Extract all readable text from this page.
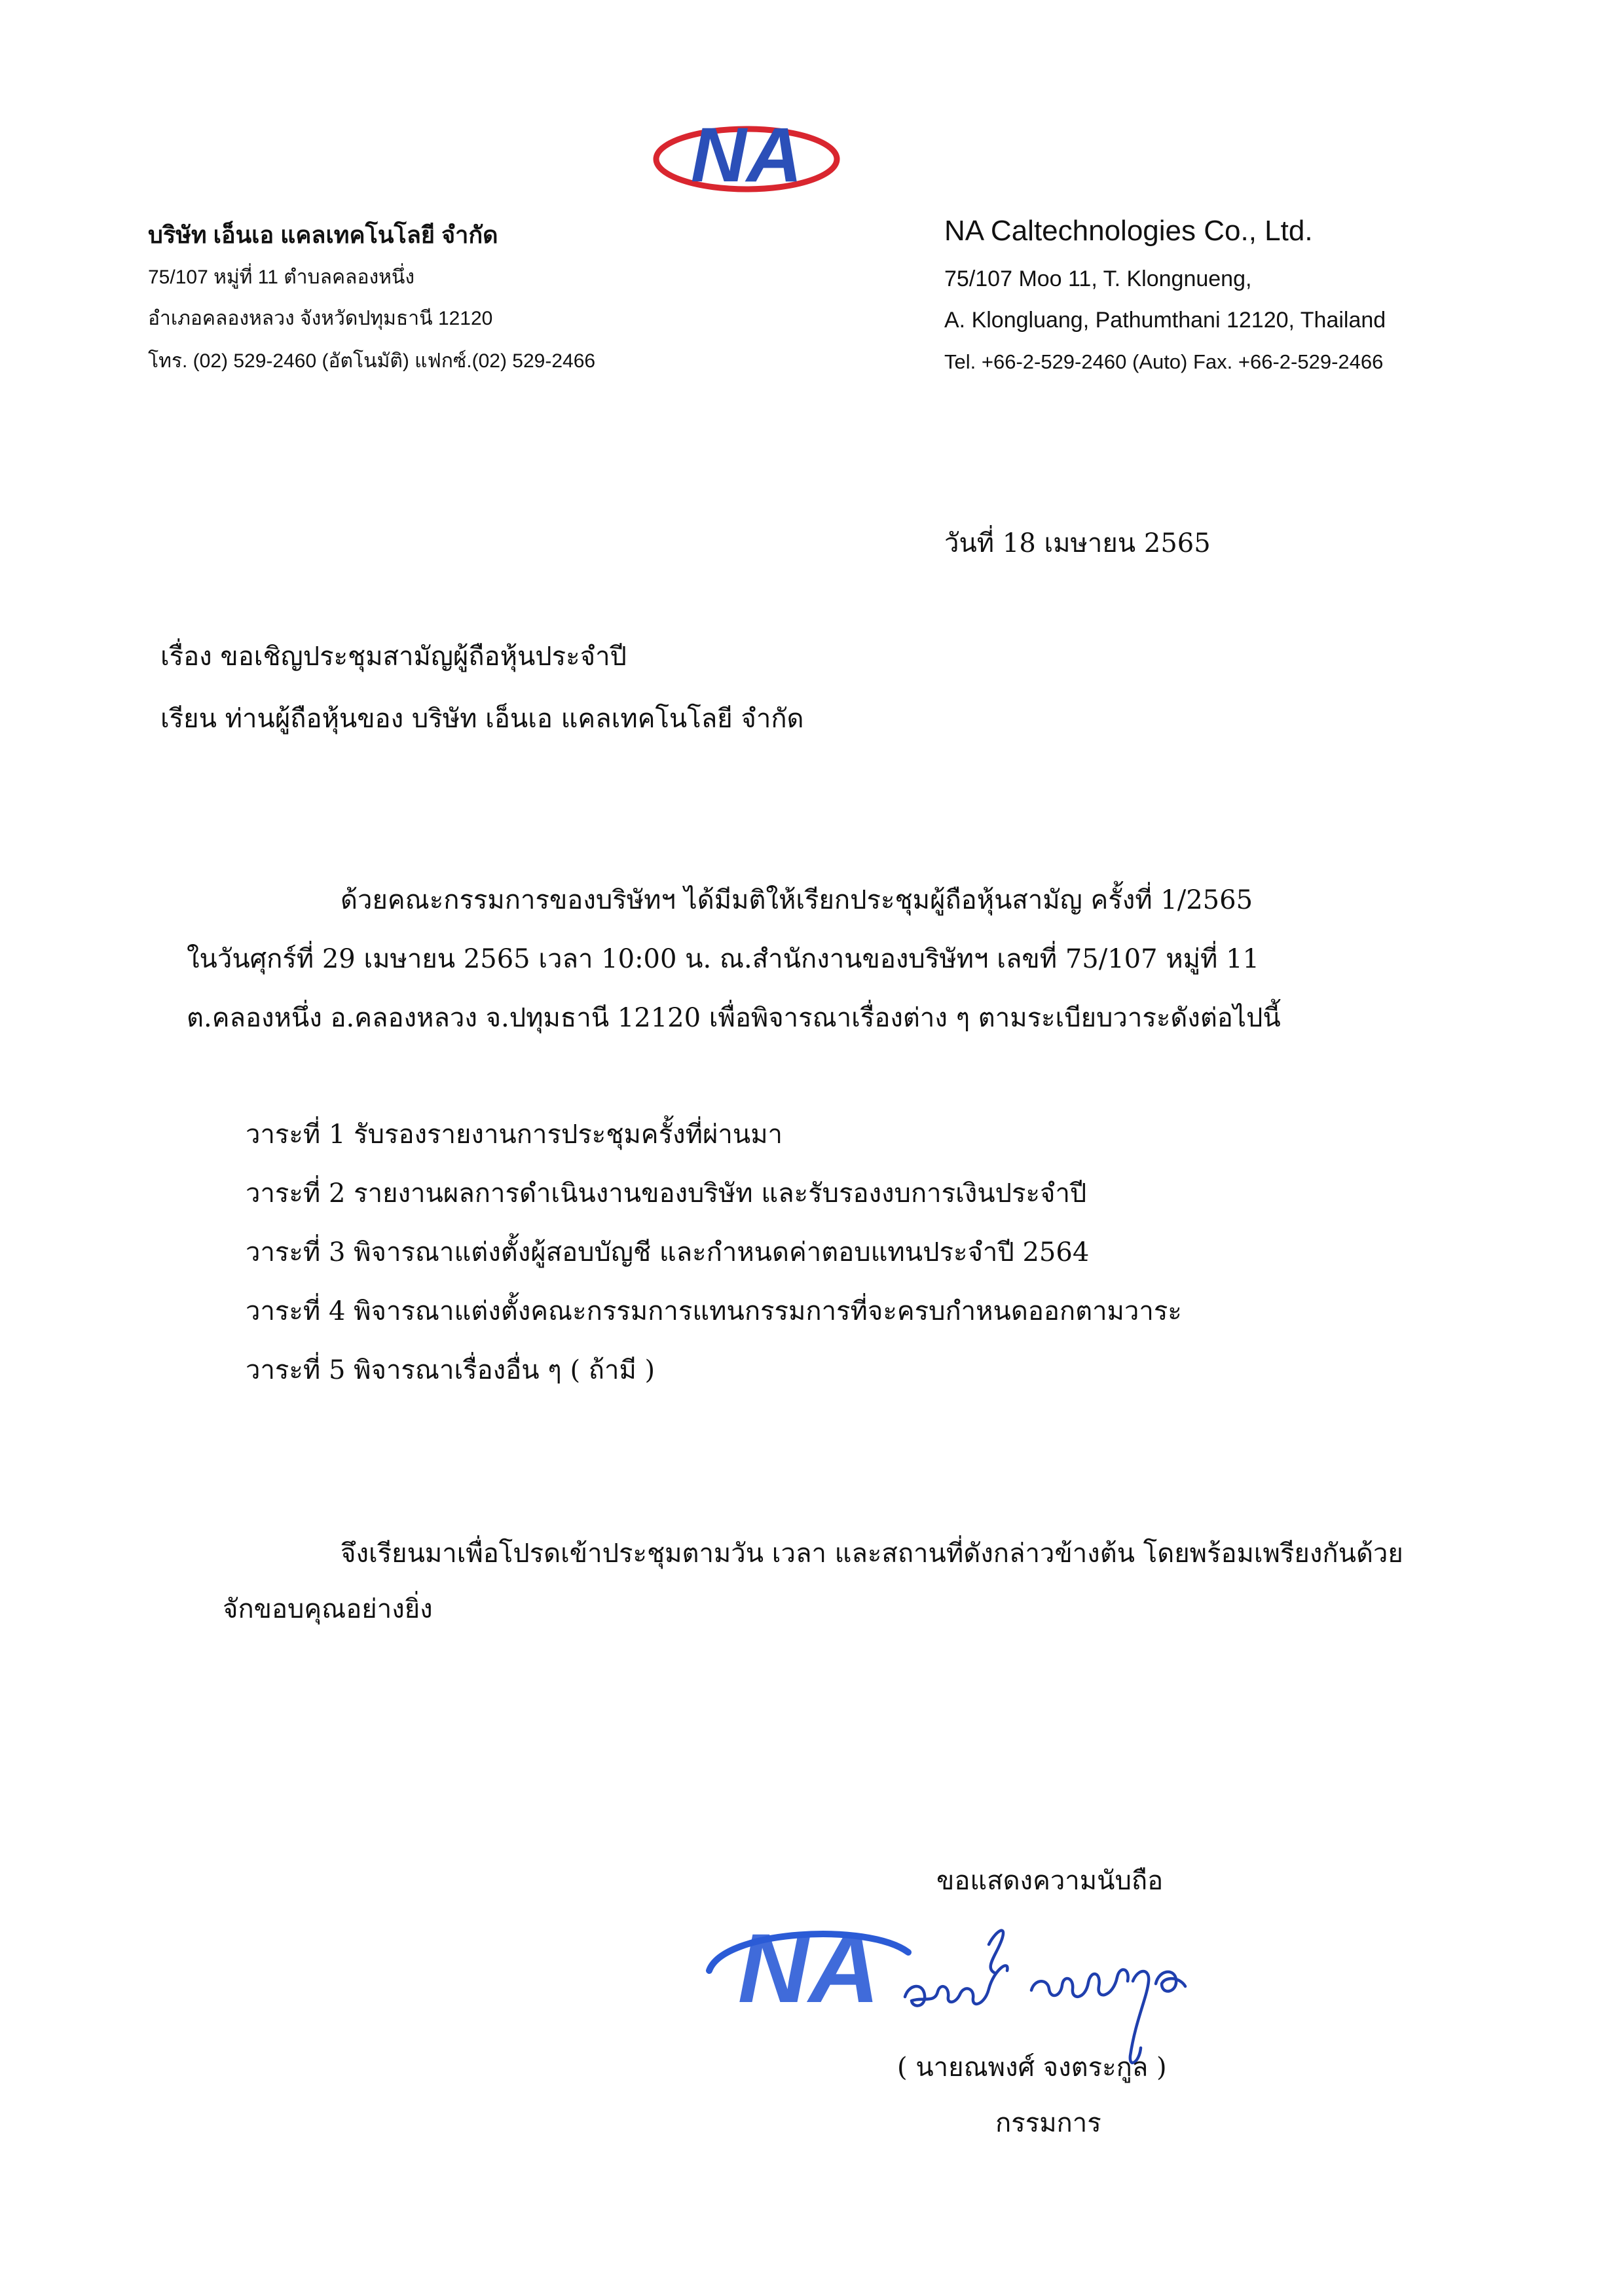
NA
บริษัท เอ็นเอ แคลเทคโนโลยี จำกัด
75/107 หมู่ที่ 11 ตำบลคลองหนึ่ง
อำเภอคลองหลวง จังหวัดปทุมธานี 12120
โทร. (02) 529-2460 (อัตโนมัติ) แฟกซ์.(02) 529-2466
NA Caltechnologies Co., Ltd.
75/107 Moo 11, T. Klongnueng,
A. Klongluang, Pathumthani 12120, Thailand
Tel. +66-2-529-2460 (Auto) Fax. +66-2-529-2466
วันที่ 18 เมษายน 2565
เรื่อง ขอเชิญประชุมสามัญผู้ถือหุ้นประจำปี
เรียน ท่านผู้ถือหุ้นของ บริษัท เอ็นเอ แคลเทคโนโลยี จำกัด
ด้วยคณะกรรมการของบริษัทฯ ได้มีมติให้เรียกประชุมผู้ถือหุ้นสามัญ ครั้งที่ 1/2565
ในวันศุกร์ที่ 29 เมษายน 2565 เวลา 10:00 น. ณ.สำนักงานของบริษัทฯ เลขที่ 75/107 หมู่ที่ 11
ต.คลองหนึ่ง อ.คลองหลวง จ.ปทุมธานี 12120 เพื่อพิจารณาเรื่องต่าง ๆ ตามระเบียบวาระดังต่อไปนี้
วาระที่ 1 รับรองรายงานการประชุมครั้งที่ผ่านมา
วาระที่ 2 รายงานผลการดำเนินงานของบริษัท และรับรองงบการเงินประจำปี
วาระที่ 3 พิจารณาแต่งตั้งผู้สอบบัญชี และกำหนดค่าตอบแทนประจำปี 2564
วาระที่ 4 พิจารณาแต่งตั้งคณะกรรมการแทนกรรมการที่จะครบกำหนดออกตามวาระ
วาระที่ 5 พิจารณาเรื่องอื่น ๆ ( ถ้ามี )
จึงเรียนมาเพื่อโปรดเข้าประชุมตามวัน เวลา และสถานที่ดังกล่าวข้างต้น โดยพร้อมเพรียงกันด้วย
จักขอบคุณอย่างยิ่ง
ขอแสดงความนับถือ
NA
( นายณพงศ์ จงตระกูล )
กรรมการ
